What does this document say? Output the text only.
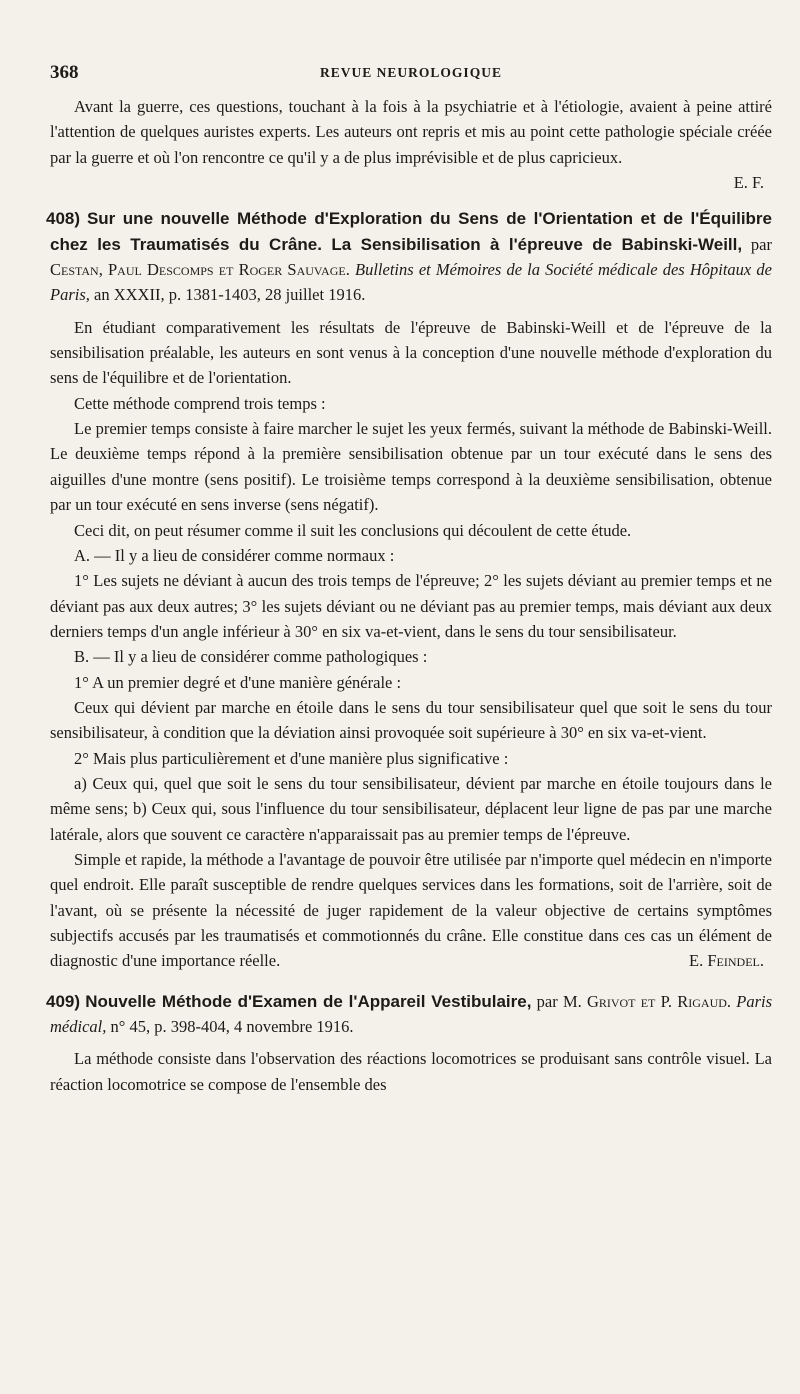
368	REVUE NEUROLOGIQUE

Avant la guerre, ces questions, touchant à la fois à la psychiatrie et à l'étiologie, avaient à peine attiré l'attention de quelques auristes experts. Les auteurs ont repris et mis au point cette pathologie spéciale créée par la guerre et où l'on rencontre ce qu'il y a de plus imprévisible et de plus capricieux.

E. F.

408) Sur une nouvelle Méthode d'Exploration du Sens de l'Orientation et de l'Équilibre chez les Traumatisés du Crâne. La Sensibilisation à l'épreuve de Babinski-Weill, par Cestan, Paul Descomps et Roger Sauvage. Bulletins et Mémoires de la Société médicale des Hôpitaux de Paris, an XXXII, p. 1381-1403, 28 juillet 1916.

En étudiant comparativement les résultats de l'épreuve de Babinski-Weill et de l'épreuve de la sensibilisation préalable, les auteurs en sont venus à la conception d'une nouvelle méthode d'exploration du sens de l'équilibre et de l'orientation.

Cette méthode comprend trois temps :

Le premier temps consiste à faire marcher le sujet les yeux fermés, suivant la méthode de Babinski-Weill. Le deuxième temps répond à la première sensibilisation obtenue par un tour exécuté dans le sens des aiguilles d'une montre (sens positif). Le troisième temps correspond à la deuxième sensibilisation, obtenue par un tour exécuté en sens inverse (sens négatif).

Ceci dit, on peut résumer comme il suit les conclusions qui découlent de cette étude.

A. — Il y a lieu de considérer comme normaux :

1° Les sujets ne déviant à aucun des trois temps de l'épreuve; 2° les sujets déviant au premier temps et ne déviant pas aux deux autres; 3° les sujets déviant ou ne déviant pas au premier temps, mais déviant aux deux derniers temps d'un angle inférieur à 30° en six va-et-vient, dans le sens du tour sensibilisateur.

B. — Il y a lieu de considérer comme pathologiques :

1° A un premier degré et d'une manière générale :

Ceux qui dévient par marche en étoile dans le sens du tour sensibilisateur quel que soit le sens du tour sensibilisateur, à condition que la déviation ainsi provoquée soit supérieure à 30° en six va-et-vient.

2° Mais plus particulièrement et d'une manière plus significative :

a) Ceux qui, quel que soit le sens du tour sensibilisateur, dévient par marche en étoile toujours dans le même sens; b) Ceux qui, sous l'influence du tour sensibilisateur, déplacent leur ligne de pas par une marche latérale, alors que souvent ce caractère n'apparaissait pas au premier temps de l'épreuve.

Simple et rapide, la méthode a l'avantage de pouvoir être utilisée par n'importe quel médecin en n'importe quel endroit. Elle paraît susceptible de rendre quelques services dans les formations, soit de l'arrière, soit de l'avant, où se présente la nécessité de juger rapidement de la valeur objective de certains symptômes subjectifs accusés par les traumatisés et commotionnés du crâne. Elle constitue dans ces cas un élément de diagnostic d'une importance réelle.	E. Feindel.

409) Nouvelle Méthode d'Examen de l'Appareil Vestibulaire, par M. Grivot et P. Rigaud. Paris médical, n° 45, p. 398-404, 4 novembre 1916.

La méthode consiste dans l'observation des réactions locomotrices se produisant sans contrôle visuel. La réaction locomotrice se compose de l'ensemble des
